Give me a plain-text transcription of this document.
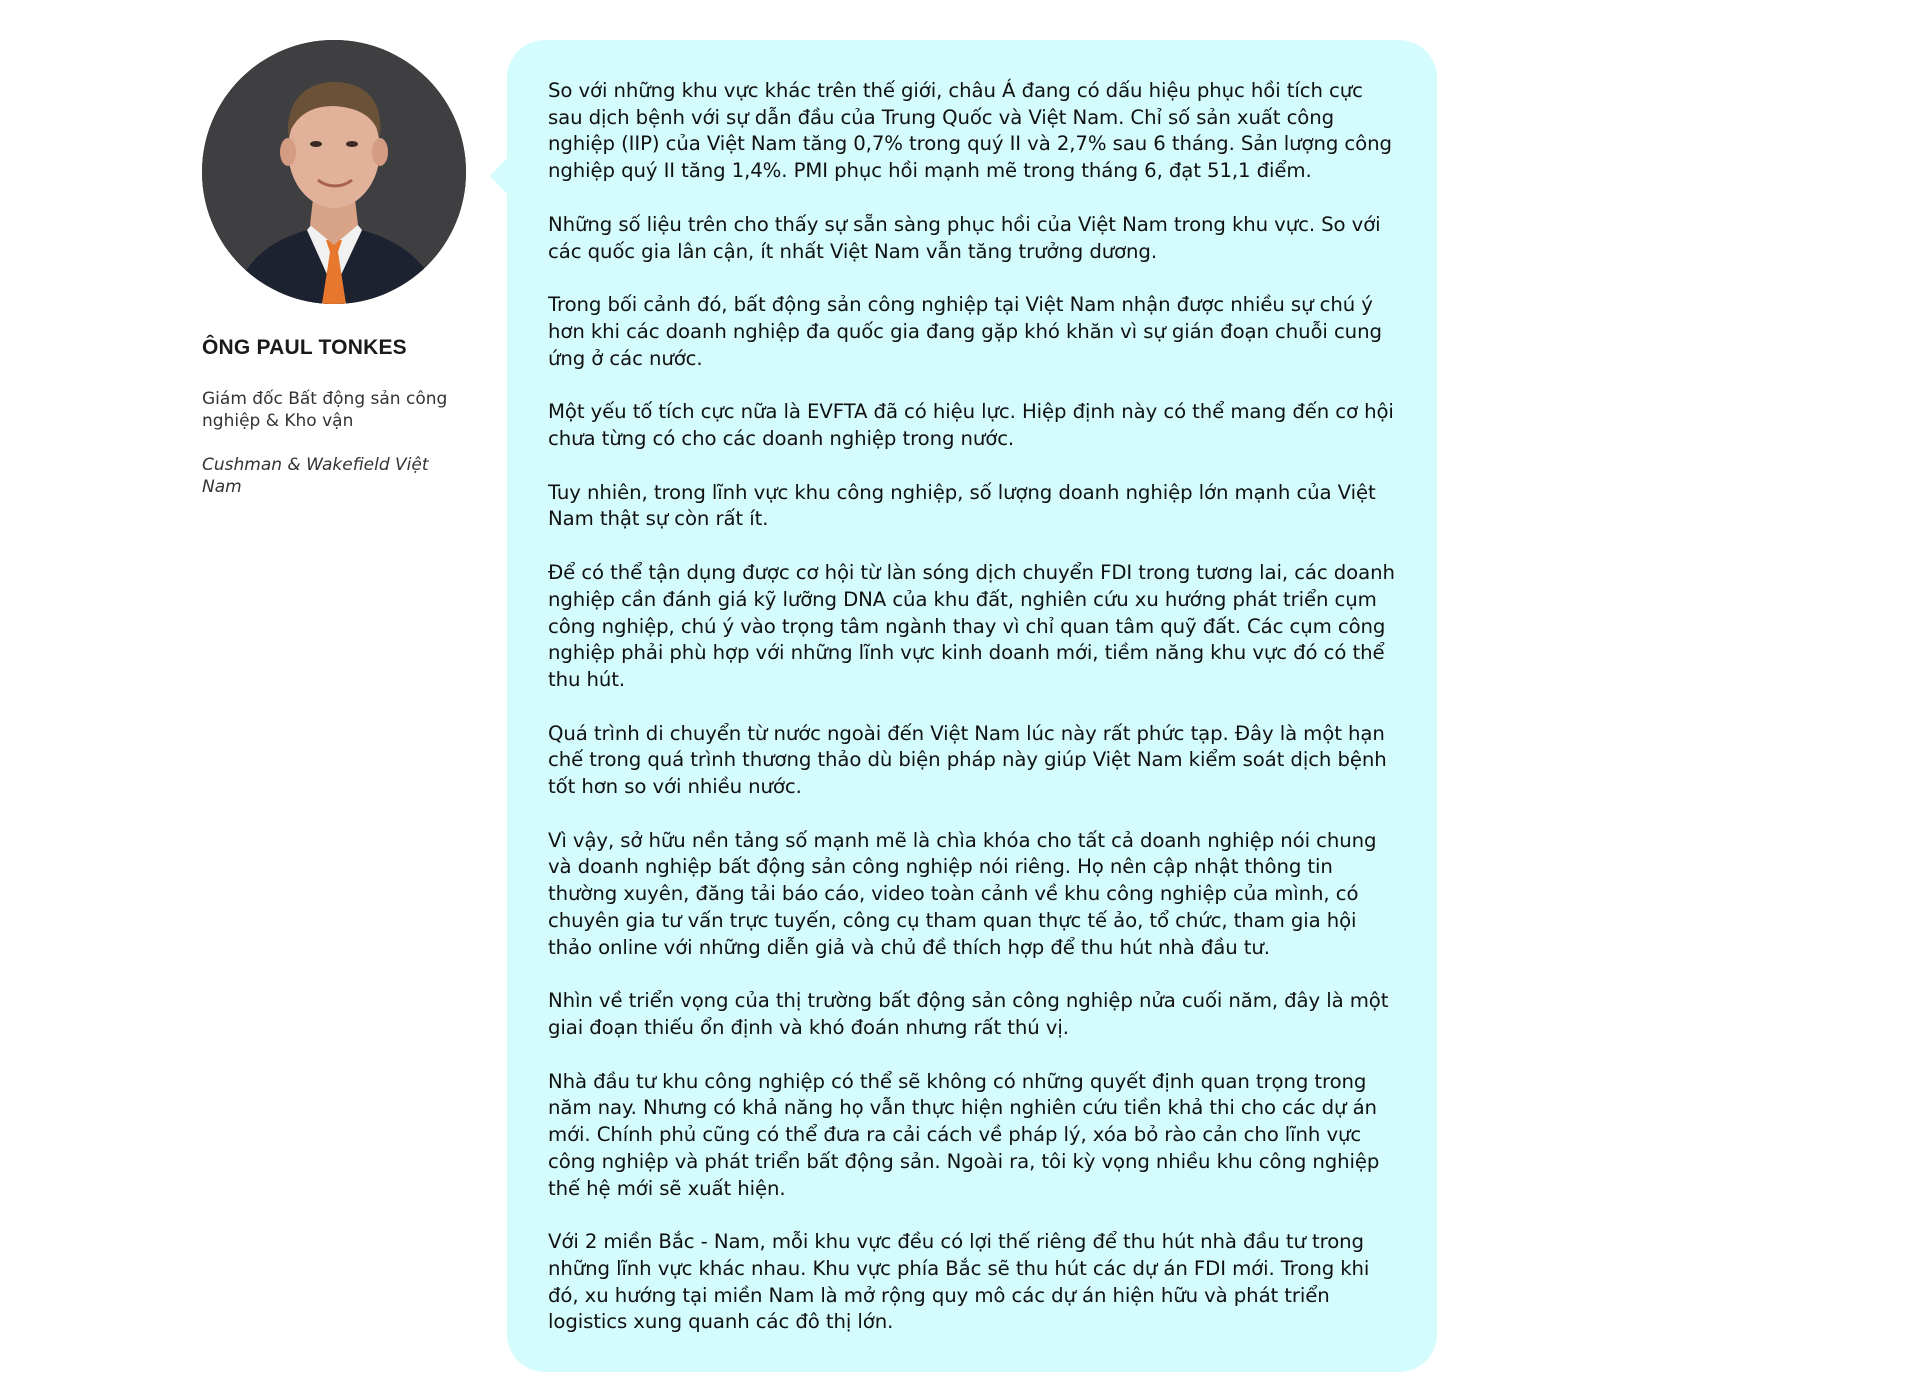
ÔNG PAUL TONKES
Giám đốc Bất động sản công nghiệp & Kho vận
Cushman & Wakefield Việt Nam

So với những khu vực khác trên thế giới, châu Á đang có dấu hiệu phục hồi tích cực sau dịch bệnh với sự dẫn đầu của Trung Quốc và Việt Nam. Chỉ số sản xuất công nghiệp (IIP) của Việt Nam tăng 0,7% trong quý II và 2,7% sau 6 tháng. Sản lượng công nghiệp quý II tăng 1,4%. PMI phục hồi mạnh mẽ trong tháng 6, đạt 51,1 điểm.

Những số liệu trên cho thấy sự sẵn sàng phục hồi của Việt Nam trong khu vực. So với các quốc gia lân cận, ít nhất Việt Nam vẫn tăng trưởng dương.

Trong bối cảnh đó, bất động sản công nghiệp tại Việt Nam nhận được nhiều sự chú ý hơn khi các doanh nghiệp đa quốc gia đang gặp khó khăn vì sự gián đoạn chuỗi cung ứng ở các nước.

Một yếu tố tích cực nữa là EVFTA đã có hiệu lực. Hiệp định này có thể mang đến cơ hội chưa từng có cho các doanh nghiệp trong nước.

Tuy nhiên, trong lĩnh vực khu công nghiệp, số lượng doanh nghiệp lớn mạnh của Việt Nam thật sự còn rất ít.

Để có thể tận dụng được cơ hội từ làn sóng dịch chuyển FDI trong tương lai, các doanh nghiệp cần đánh giá kỹ lưỡng DNA của khu đất, nghiên cứu xu hướng phát triển cụm công nghiệp, chú ý vào trọng tâm ngành thay vì chỉ quan tâm quỹ đất. Các cụm công nghiệp phải phù hợp với những lĩnh vực kinh doanh mới, tiềm năng khu vực đó có thể thu hút.

Quá trình di chuyển từ nước ngoài đến Việt Nam lúc này rất phức tạp. Đây là một hạn chế trong quá trình thương thảo dù biện pháp này giúp Việt Nam kiểm soát dịch bệnh tốt hơn so với nhiều nước.

Vì vậy, sở hữu nền tảng số mạnh mẽ là chìa khóa cho tất cả doanh nghiệp nói chung và doanh nghiệp bất động sản công nghiệp nói riêng. Họ nên cập nhật thông tin thường xuyên, đăng tải báo cáo, video toàn cảnh về khu công nghiệp của mình, có chuyên gia tư vấn trực tuyến, công cụ tham quan thực tế ảo, tổ chức, tham gia hội thảo online với những diễn giả và chủ đề thích hợp để thu hút nhà đầu tư.

Nhìn về triển vọng của thị trường bất động sản công nghiệp nửa cuối năm, đây là một giai đoạn thiếu ổn định và khó đoán nhưng rất thú vị.

Nhà đầu tư khu công nghiệp có thể sẽ không có những quyết định quan trọng trong năm nay. Nhưng có khả năng họ vẫn thực hiện nghiên cứu tiền khả thi cho các dự án mới. Chính phủ cũng có thể đưa ra cải cách về pháp lý, xóa bỏ rào cản cho lĩnh vực công nghiệp và phát triển bất động sản. Ngoài ra, tôi kỳ vọng nhiều khu công nghiệp thế hệ mới sẽ xuất hiện.

Với 2 miền Bắc - Nam, mỗi khu vực đều có lợi thế riêng để thu hút nhà đầu tư trong những lĩnh vực khác nhau. Khu vực phía Bắc sẽ thu hút các dự án FDI mới. Trong khi đó, xu hướng tại miền Nam là mở rộng quy mô các dự án hiện hữu và phát triển logistics xung quanh các đô thị lớn.
